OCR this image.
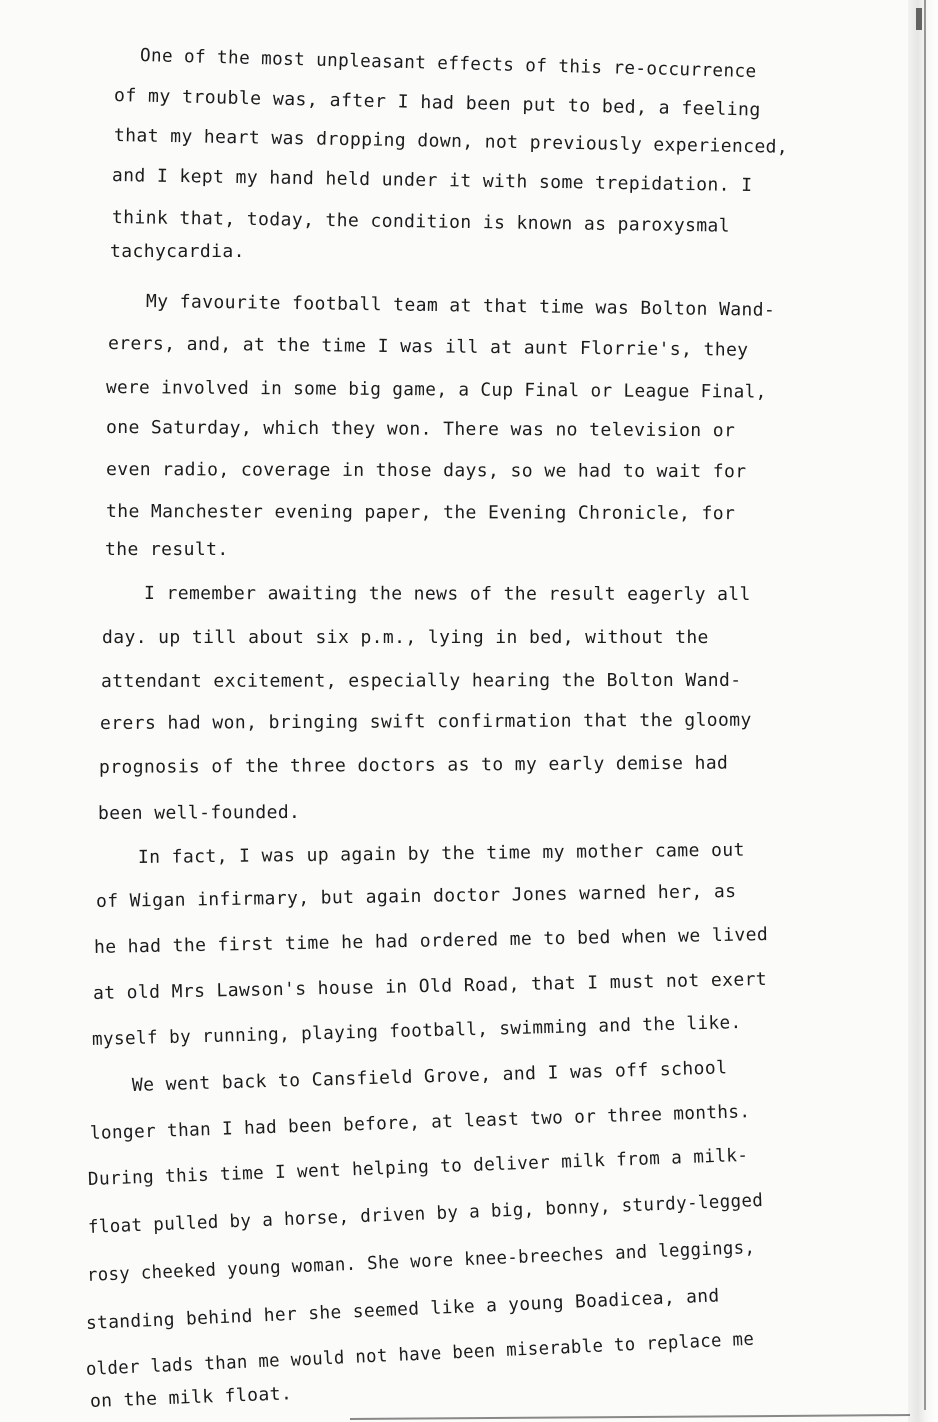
One of the most unpleasant effects of this re-occurrence

of my trouble was, after I had been put to bed, a feeling

that my heart was dropping down, not previously experienced,

and I kept my hand held under it with some trepidation. I

think that, today, the condition is known as paroxysmal

tachycardia.

My favourite football team at that time was Bolton Wand-

erers, and, at the time I was ill at aunt Florrie's, they

were involved in some big game, a Cup Final or League Final,

one Saturday, which they won. There was no television or

even radio, coverage in those days, so we had to wait for

the Manchester evening paper, the Evening Chronicle, for

the result.

I remember awaiting the news of the result eagerly all

day. up till about six p.m., lying in bed, without the

attendant excitement, especially hearing the Bolton Wand-

erers had won, bringing swift confirmation that the gloomy

prognosis of the three doctors as to my early demise had

been well-founded.

In fact, I was up again by the time my mother came out

of Wigan infirmary, but again doctor Jones warned her, as

he had the first time he had ordered me to bed when we lived

at old Mrs Lawson's house in Old Road, that I must not exert

myself by running, playing football, swimming and the like.

We went back to Cansfield Grove, and I was off school

longer than I had been before, at least two or three months.

During this time I went helping to deliver milk from a milk-

float pulled by a horse, driven by a big, bonny, sturdy-legged

rosy cheeked young woman. She wore knee-breeches and leggings,

standing behind her she seemed like a young Boadicea, and

older lads than me would not have been miserable to replace me

on the milk float.
